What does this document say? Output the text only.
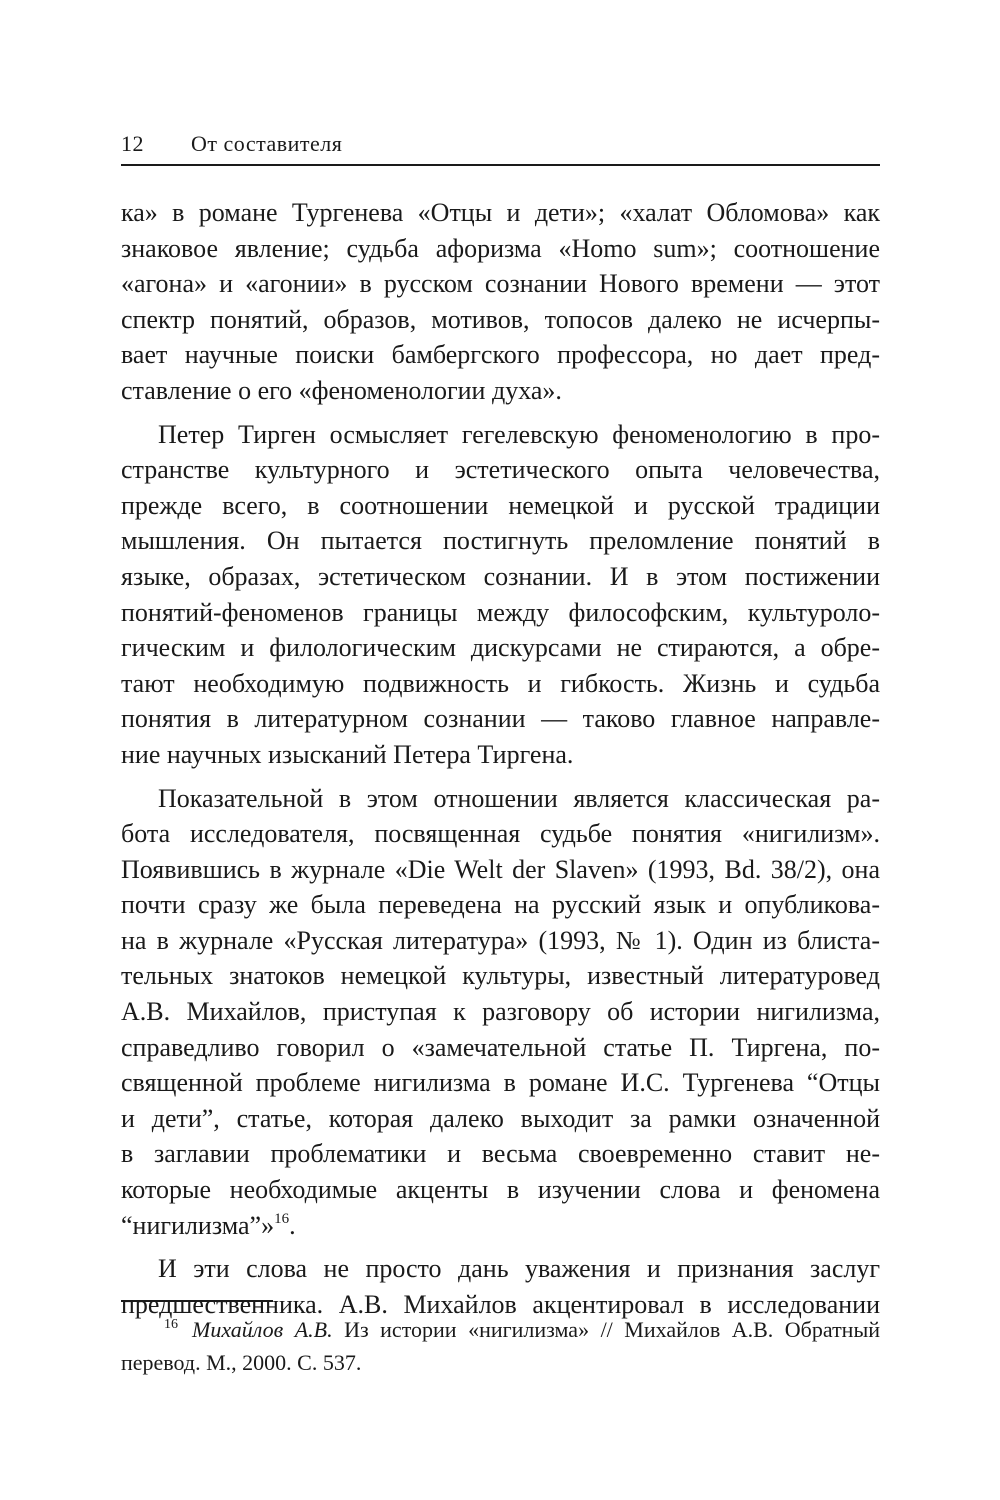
12 От составителя
ка» в романе Тургенева «Отцы и дети»; «халат Обломова» как
знаковое явление; судьба афоризма «Homo sum»; соотношение
«агона» и «агонии» в русском сознании Нового времени — этот
спектр понятий, образов, мотивов, топосов далеко не исчерпы-
вает научные поиски бамбергского профессора, но дает пред-
ставление о его «феноменологии духа».
Петер Тирген осмысляет гегелевскую феноменологию в про-
странстве культурного и эстетического опыта человечества,
прежде всего, в соотношении немецкой и русской традиции
мышления. Он пытается постигнуть преломление понятий в
языке, образах, эстетическом сознании. И в этом постижении
понятий-феноменов границы между философским, культуроло-
гическим и филологическим дискурсами не стираются, а обре-
тают необходимую подвижность и гибкость. Жизнь и судьба
понятия в литературном сознании — таково главное направле-
ние научных изысканий Петера Тиргена.
Показательной в этом отношении является классическая ра-
бота исследователя, посвященная судьбе понятия «нигилизм».
Появившись в журнале «Die Welt der Slaven» (1993, Bd. 38/2), она
почти сразу же была переведена на русский язык и опубликова-
на в журнале «Русская литература» (1993, № 1). Один из блиста-
тельных знатоков немецкой культуры, известный литературовед
А.В. Михайлов, приступая к разговору об истории нигилизма,
справедливо говорил о «замечательной статье П. Тиргена, по-
священной проблеме нигилизма в романе И.С. Тургенева “Отцы
и дети”, статье, которая далеко выходит за рамки означенной
в заглавии проблематики и весьма своевременно ставит не-
которые необходимые акценты в изучении слова и феномена
“нигилизма”»$^{16}$.
И эти слова не просто дань уважения и признания заслуг
предшественника. А.В. Михайлов акцентировал в исследовании
16 Михайлов А.В. Из истории «нигилизма» // Михайлов А.В. Обратный
перевод. М., 2000. С. 537.
